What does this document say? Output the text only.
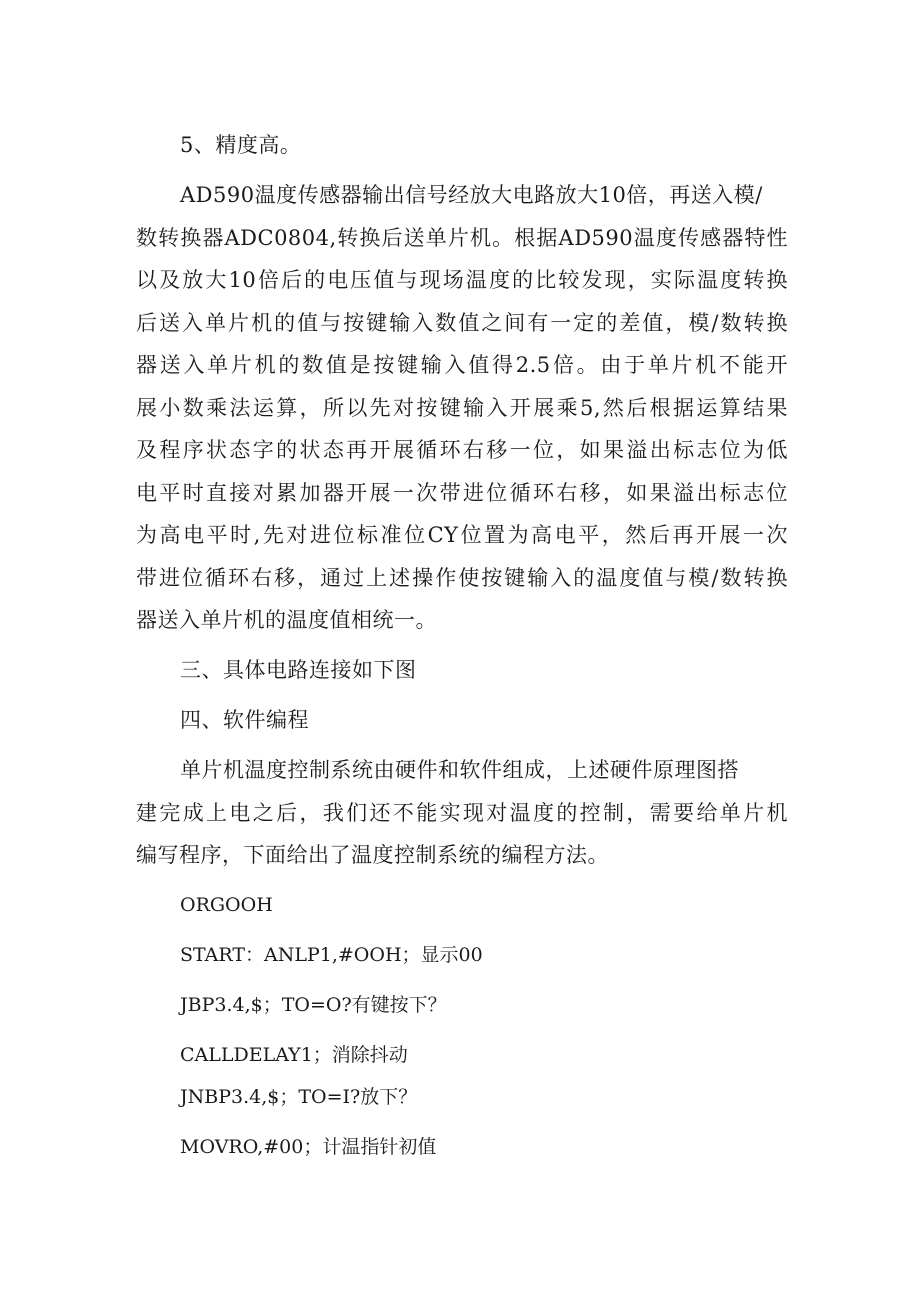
5、精度高。
AD590温度传感器输出信号经放大电路放大10倍，再送入模/
数转换器ADC0804,转换后送单片机。根据AD590温度传感器特性
以及放大10倍后的电压值与现场温度的比较发现，实际温度转换
后送入单片机的值与按键输入数值之间有一定的差值，模/数转换
器送入单片机的数值是按键输入值得2.5倍。由于单片机不能开
展小数乘法运算，所以先对按键输入开展乘5,然后根据运算结果
及程序状态字的状态再开展循环右移一位，如果溢出标志位为低
电平时直接对累加器开展一次带进位循环右移，如果溢出标志位
为高电平时,先对进位标准位CY位置为高电平，然后再开展一次
带进位循环右移，通过上述操作使按键输入的温度值与模/数转换
器送入单片机的温度值相统一。
三、具体电路连接如下图
四、软件编程
单片机温度控制系统由硬件和软件组成，上述硬件原理图搭
建完成上电之后，我们还不能实现对温度的控制，需要给单片机
编写程序，下面给出了温度控制系统的编程方法。
ORGOOH
START：ANLP1,#OOH；显示00
JBP3.4,$；TO=O?有键按下？
CALLDELAY1；消除抖动
JNBP3.4,$；TO=I?放下？
MOVRO,#00；计温指针初值
